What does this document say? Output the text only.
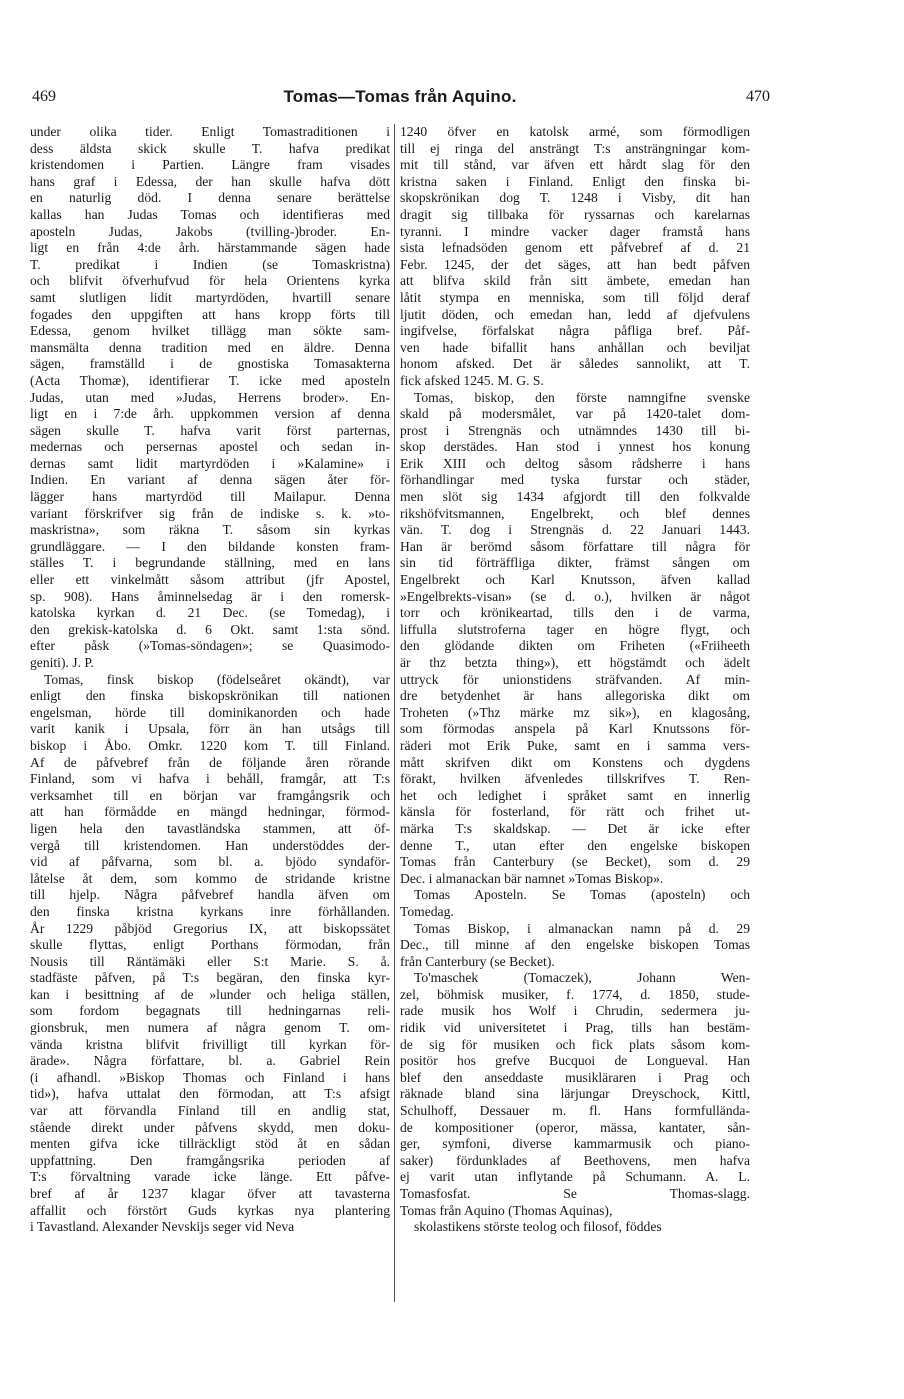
469	Tomas—Tomas från Aquino.	470
under olika tider. Enligt Tomastraditionen i
dess äldsta skick skulle T. hafva predikat
kristendomen i Partien. Längre fram visades
hans graf i Edessa, der han skulle hafva dött
en naturlig död. I denna senare berättelse
kallas han Judas Tomas och identifieras med
aposteln Judas, Jakobs (tvilling-)broder. En-
ligt en från 4:de årh. härstammande sägen hade
T. predikat i Indien (se Tomaskristna)
och blifvit öfverhufvud för hela Orientens kyrka
samt slutligen lidit martyrdöden, hvartill senare
fogades den uppgiften att hans kropp förts till
Edessa, genom hvilket tillägg man sökte sam-
mansmälta denna tradition med en äldre. Denna
sägen, framställd i de gnostiska Tomasakterna
(Acta Thomæ), identifierar T. icke med aposteln
Judas, utan med »Judas, Herrens broder». En-
ligt en i 7:de årh. uppkommen version af denna
sägen skulle T. hafva varit först parternas,
medernas och persernas apostel och sedan in-
dernas samt lidit martyrdöden i »Kalamine» i
Indien. En variant af denna sägen åter för-
lägger hans martyrdöd till Mailapur. Denna
variant förskrifver sig från de indiske s. k. »to-
maskristna», som räkna T. såsom sin kyrkas
grundläggare. — I den bildande konsten fram-
ställes T. i begrundande ställning, med en lans
eller ett vinkelmått såsom attribut (jfr Apostel,
sp. 908). Hans åminnelsedag är i den romersk-
katolska kyrkan d. 21 Dec. (se Tomedag), i
den grekisk-katolska d. 6 Okt. samt 1:sta sönd.
efter påsk (»Tomas-söndagen»; se Quasimodo-
geniti). J. P.
Tomas, finsk biskop (födelseåret okändt), var
enligt den finska biskopskrönikan till nationen
engelsman, hörde till dominikanorden och hade
varit kanik i Upsala, förr än han utsågs till
biskop i Åbo. Omkr. 1220 kom T. till Finland.
Af de påfvebref från de följande åren rörande
Finland, som vi hafva i behåll, framgår, att T:s
verksamhet till en början var framgångsrik och
att han förmådde en mängd hedningar, förmod-
ligen hela den tavastländska stammen, att öf-
vergå till kristendomen. Han understöddes der-
vid af påfvarna, som bl. a. bjödo syndaför-
låtelse åt dem, som kommo de stridande kristne
till hjelp. Några påfvebref handla äfven om
den finska kristna kyrkans inre förhållanden.
År 1229 påbjöd Gregorius IX, att biskopssätet
skulle flyttas, enligt Porthans förmodan, från
Nousis till Räntämäki eller S:t Marie. S. å.
stadfäste påfven, på T:s begäran, den finska kyr-
kan i besittning af de »lunder och heliga ställen,
som fordom begagnats till hedningarnas reli-
gionsbruk, men numera af några genom T. om-
vända kristna blifvit frivilligt till kyrkan för-
ärade». Några författare, bl. a. Gabriel Rein
(i afhandl. »Biskop Thomas och Finland i hans
tid»), hafva uttalat den förmodan, att T:s afsigt
var att förvandla Finland till en andlig stat,
stående direkt under påfvens skydd, men doku-
menten gifva icke tillräckligt stöd åt en sådan
uppfattning. Den framgångsrika perioden af
T:s förvaltning varade icke länge. Ett påfve-
bref af år 1237 klagar öfver att tavasterna
affallit och förstört Guds kyrkas nya plantering
i Tavastland. Alexander Nevskijs seger vid Neva
1240 öfver en katolsk armé, som förmodligen
till ej ringa del ansträngt T:s ansträngningar kom-
mit till stånd, var äfven ett hårdt slag för den
kristna saken i Finland. Enligt den finska bi-
skopskrönikan dog T. 1248 i Visby, dit han
dragit sig tillbaka för ryssarnas och karelarnas
tyranni. I mindre vacker dager framstå hans
sista lefnadsöden genom ett påfvebref af d. 21
Febr. 1245, der det säges, att han bedt påfven
att blifva skild från sitt ämbete, emedan han
låtit stympa en menniska, som till följd deraf
ljutit döden, och emedan han, ledd af djefvulens
ingifvelse, förfalskat några påfliga bref. Påf-
ven hade bifallit hans anhållan och beviljat
honom afsked. Det är således sannolikt, att T.
fick afsked 1245. M. G. S.
Tomas, biskop, den förste namngifne svenske
skald på modersmålet, var på 1420-talet dom-
prost i Strengnäs och utnämndes 1430 till bi-
skop derstädes. Han stod i ynnest hos konung
Erik XIII och deltog såsom rådsherre i hans
förhandlingar med tyska furstar och städer,
men slöt sig 1434 afgjordt till den folkvalde
rikshöfvitsmannen, Engelbrekt, och blef dennes
vän. T. dog i Strengnäs d. 22 Januari 1443.
Han är berömd såsom författare till några för
sin tid förträffliga dikter, främst sången om
Engelbrekt och Karl Knutsson, äfven kallad
»Engelbrekts-visan» (se d. o.), hvilken är något
torr och krönikeartad, tills den i de varma,
liffulla slutstroferna tager en högre flygt, och
den glödande dikten om Friheten («Friiheeth
är thz betzta thing»), ett högstämdt och ädelt
uttryck för unionstidens sträfvanden. Af min-
dre betydenhet är hans allegoriska dikt om
Troheten (»Thz märke mz sik»), en klagosång,
som förmodas anspela på Karl Knutssons för-
räderi mot Erik Puke, samt en i samma vers-
mått skrifven dikt om Konstens och dygdens
förakt, hvilken äfvenledes tillskrifves T. Ren-
het och ledighet i språket samt en innerlig
känsla för fosterland, för rätt och frihet ut-
märka T:s skaldskap. — Det är icke efter
denne T., utan efter den engelske biskopen
Tomas från Canterbury (se Becket), som d. 29
Dec. i almanackan bär namnet »Tomas Biskop».
Tomas Aposteln. Se Tomas (aposteln) och
Tomedag.
Tomas Biskop, i almanackan namn på d. 29
Dec., till minne af den engelske biskopen Tomas
från Canterbury (se Becket).
To'maschek (Tomaczek), Johann Wen-
zel, böhmisk musiker, f. 1774, d. 1850, stude-
rade musik hos Wolf i Chrudin, sedermera ju-
ridik vid universitetet i Prag, tills han bestäm-
de sig för musiken och fick plats såsom kom-
positör hos grefve Bucquoi de Longueval. Han
blef den anseddaste musikläraren i Prag och
räknade bland sina lärjungar Dreyschock, Kittl,
Schulhoff, Dessauer m. fl. Hans formfullända-
de kompositioner (operor, mässa, kantater, sån-
ger, symfoni, diverse kammarmusik och piano-
saker) fördunklades af Beethovens, men hafva
ej varit utan inflytande på Schumann. A. L.
Tomasfosfat. Se Thomas-slagg.
Tomas från Aquino (Thomas Aquinas),
skolastikens störste teolog och filosof, föddes
